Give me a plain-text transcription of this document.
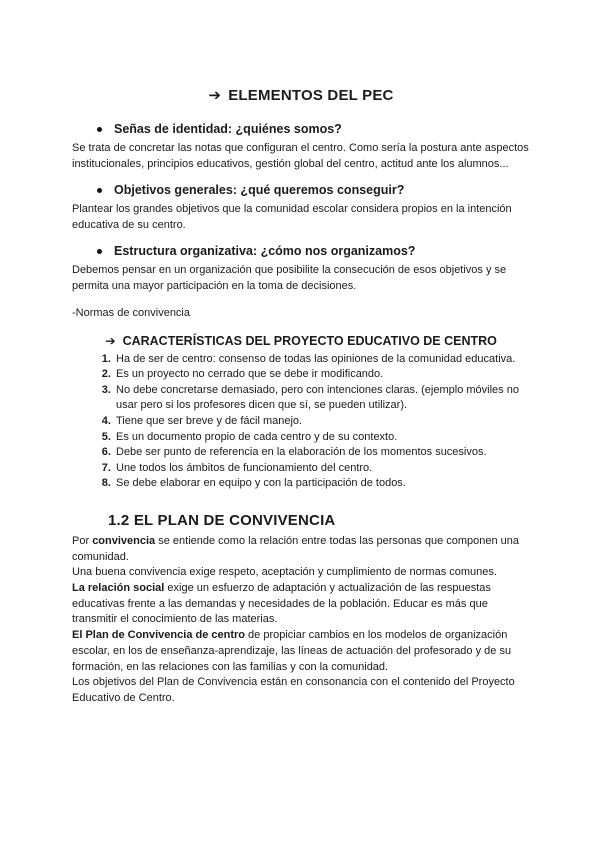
➔ ELEMENTOS DEL PEC
Señas de identidad: ¿quiénes somos?

Se trata de concretar las notas que configuran el centro. Como sería la postura ante aspectos institucionales, principios educativos, gestión global del centro, actitud ante los alumnos...

Objetivos generales: ¿qué queremos conseguir?

Plantear los grandes objetivos que la comunidad escolar considera propios en la intención educativa de su centro.

Estructura organizativa: ¿cómo nos organizamos?

Debemos pensar en un organización que posibilite la consecución de esos objetivos y se permita una mayor participación en la toma de decisiones.

-Normas de convivencia

➔ CARACTERÍSTICAS DEL PROYECTO EDUCATIVO DE CENTRO
1. Ha de ser de centro: consenso de todas las opiniones de la comunidad educativa.
2. Es un proyecto no cerrado que se debe ir modificando.
3. No debe concretarse demasiado, pero con intenciones claras. (ejemplo móviles no usar pero si los profesores dicen que sí, se pueden utilizar).
4. Tiene que ser breve y de fácil manejo.
5. Es un documento propio de cada centro y de su contexto.
6. Debe ser punto de referencia en la elaboración de los momentos sucesivos.
7. Une todos los ámbitos de funcionamiento del centro.
8. Se debe elaborar en equipo y con la participación de todos.
1.2 EL PLAN DE CONVIVENCIA

Por convivencia se entiende como la relación entre todas las personas que componen una comunidad.

Una buena convivencia exige respeto, aceptación y cumplimiento de normas comunes.

La relación social exige un esfuerzo de adaptación y actualización de las respuestas educativas frente a las demandas y necesidades de la población. Educar es más que transmitir el conocimiento de las materias.

El Plan de Convivencia de centro de propiciar cambios en los modelos de organización escolar, en los de enseñanza-aprendizaje, las líneas de actuación del profesorado y de su formación, en las relaciones con las familias y con la comunidad.

Los objetivos del Plan de Convivencia están en consonancia con el contenido del Proyecto Educativo de Centro.
